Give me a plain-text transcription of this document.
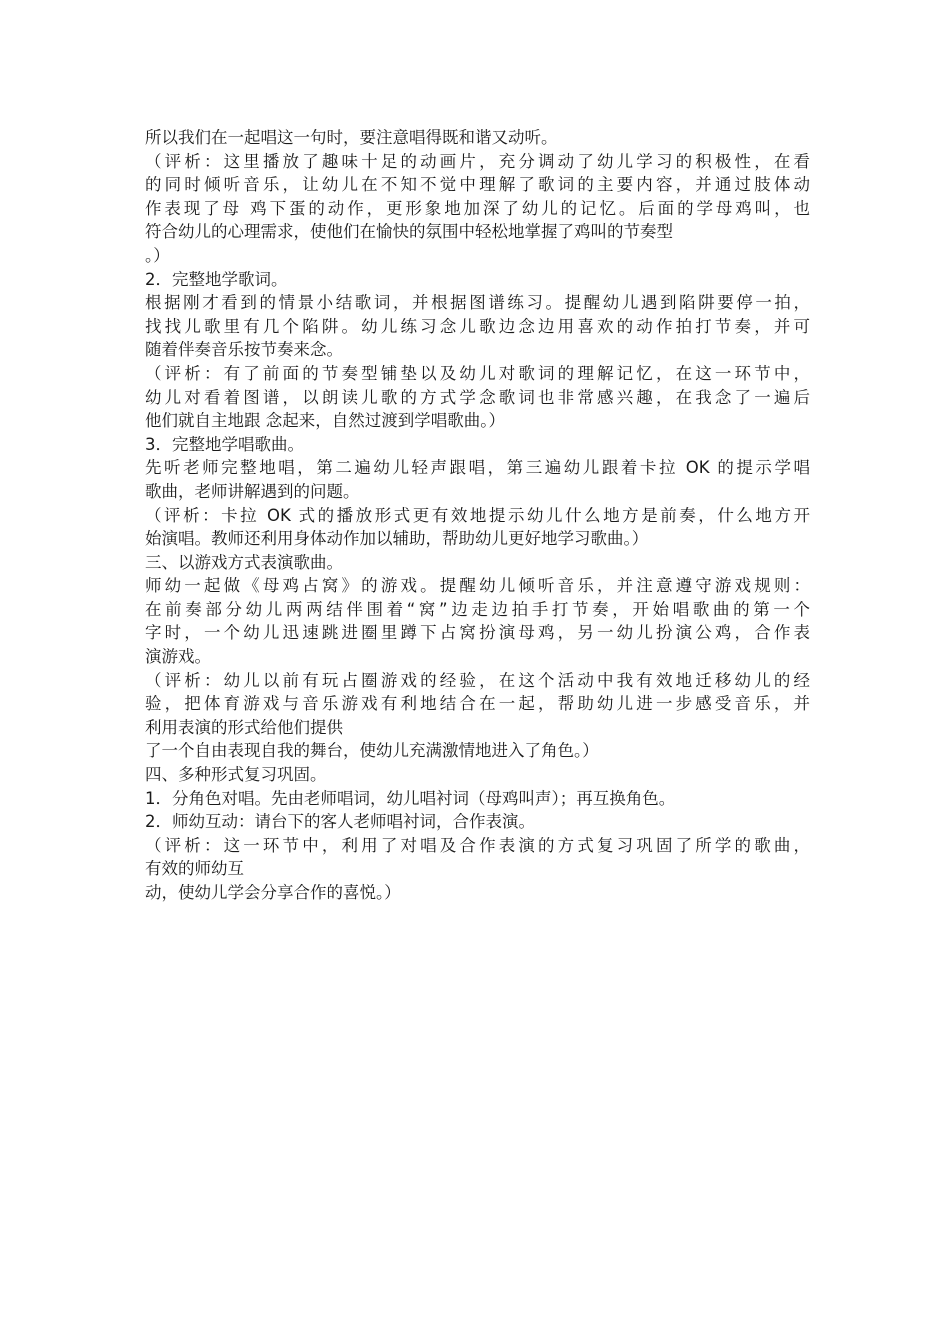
所以我们在一起唱这一句时，要注意唱得既和谐又动听。
（评析：这里播放了趣味十足的动画片，充分调动了幼儿学习的积极性，在看
的同时倾听音乐，让幼儿在不知不觉中理解了歌词的主要内容，并通过肢体动
作表现了母 鸡下蛋的动作，更形象地加深了幼儿的记忆。后面的学母鸡叫，也
符合幼儿的心理需求，使他们在愉快的氛围中轻松地掌握了鸡叫的节奏型
。）
2．完整地学歌词。
根据刚才看到的情景小结歌词，并根据图谱练习。提醒幼儿遇到陷阱要停一拍，
找找儿歌里有几个陷阱。幼儿练习念儿歌边念边用喜欢的动作拍打节奏，并可
随着伴奏音乐按节奏来念。
（评析：有了前面的节奏型铺垫以及幼儿对歌词的理解记忆，在这一环节中，
幼儿对看着图谱，以朗读儿歌的方式学念歌词也非常感兴趣，在我念了一遍后
他们就自主地跟 念起来，自然过渡到学唱歌曲。）
3．完整地学唱歌曲。
先听老师完整地唱，第二遍幼儿轻声跟唱，第三遍幼儿跟着卡拉 OK 的提示学唱
歌曲，老师讲解遇到的问题。
（评析：卡拉 OK 式的播放形式更有效地提示幼儿什么地方是前奏，什么地方开
始演唱。教师还利用身体动作加以辅助，帮助幼儿更好地学习歌曲。）
三、以游戏方式表演歌曲。
师幼一起做《母鸡占窝》的游戏。提醒幼儿倾听音乐，并注意遵守游戏规则：
在前奏部分幼儿两两结伴围着“窝”边走边拍手打节奏，开始唱歌曲的第一个
字时，一个幼儿迅速跳进圈里蹲下占窝扮演母鸡，另一幼儿扮演公鸡，合作表
演游戏。
（评析：幼儿以前有玩占圈游戏的经验，在这个活动中我有效地迁移幼儿的经
验，把体育游戏与音乐游戏有利地结合在一起，帮助幼儿进一步感受音乐，并
利用表演的形式给他们提供
了一个自由表现自我的舞台，使幼儿充满激情地进入了角色。）
四、多种形式复习巩固。
1．分角色对唱。先由老师唱词，幼儿唱衬词（母鸡叫声）；再互换角色。
2．师幼互动：请台下的客人老师唱衬词，合作表演。
（评析：这一环节中，利用了对唱及合作表演的方式复习巩固了所学的歌曲，
有效的师幼互
动，使幼儿学会分享合作的喜悦。）
